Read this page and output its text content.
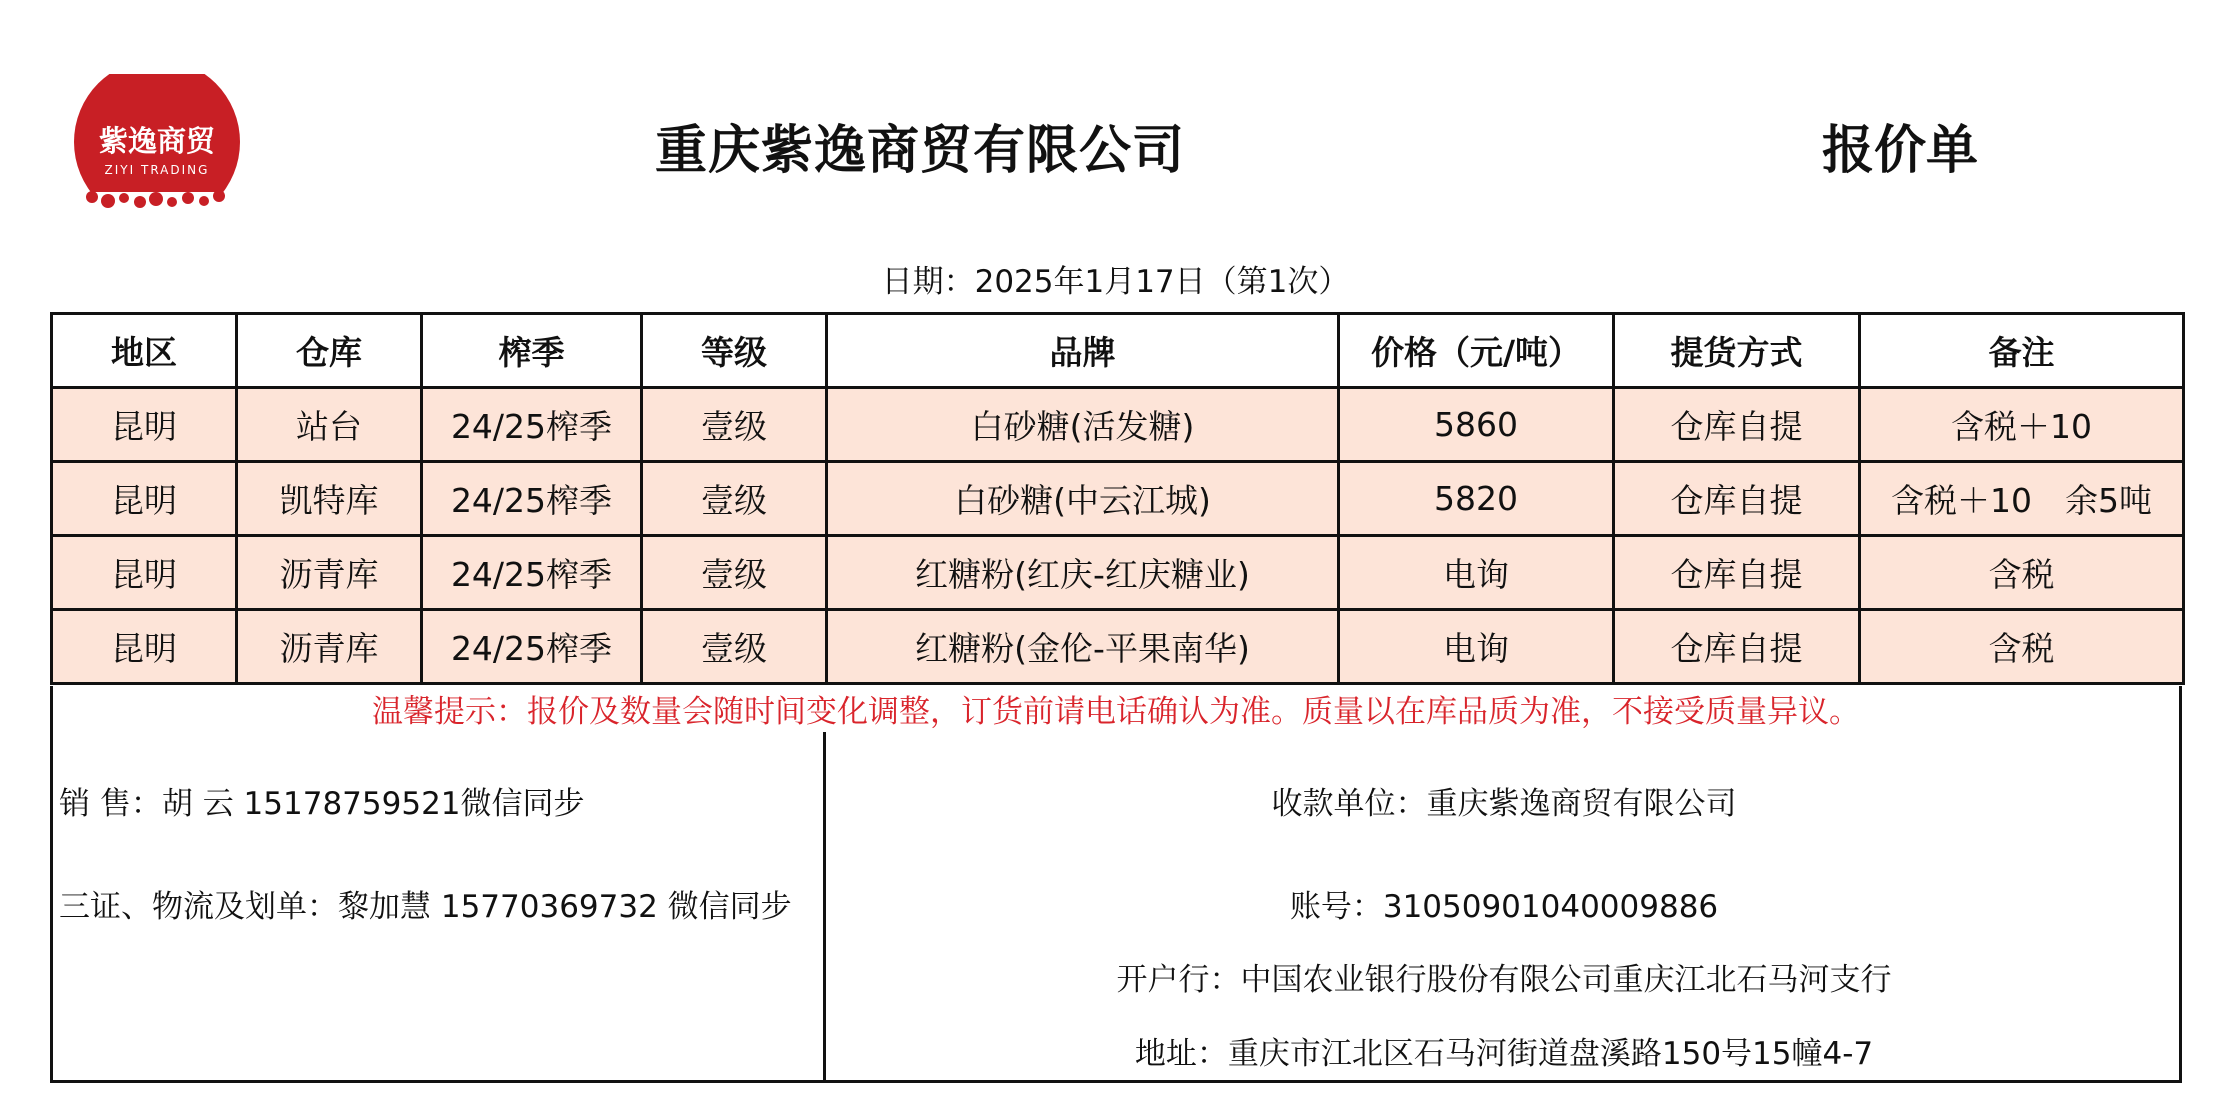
紫逸商贸
ZIYI TRADING	重庆紫逸商贸有限公司	报价单
日期：2025年1月17日（第1次）
地区	仓库	榨季	等级	品牌	价格（元/吨）	提货方式	备注
昆明	站台	24/25榨季	壹级	白砂糖(活发糖)	5860	仓库自提	含税＋10
昆明	凯特库	24/25榨季	壹级	白砂糖(中云江城)	5820	仓库自提	含税＋10　余5吨
昆明	沥青库	24/25榨季	壹级	红糖粉(红庆-红庆糖业)	电询	仓库自提	含税
昆明	沥青库	24/25榨季	壹级	红糖粉(金伦-平果南华)	电询	仓库自提	含税
温馨提示：报价及数量会随时间变化调整，订货前请电话确认为准。质量以在库品质为准，不接受质量异议。
销 售：胡 云 15178759521微信同步
三证、物流及划单：黎加慧 15770369732 微信同步
收款单位：重庆紫逸商贸有限公司
账号：31050901040009886
开户行：中国农业银行股份有限公司重庆江北石马河支行
地址：重庆市江北区石马河街道盘溪路150号15幢4-7
